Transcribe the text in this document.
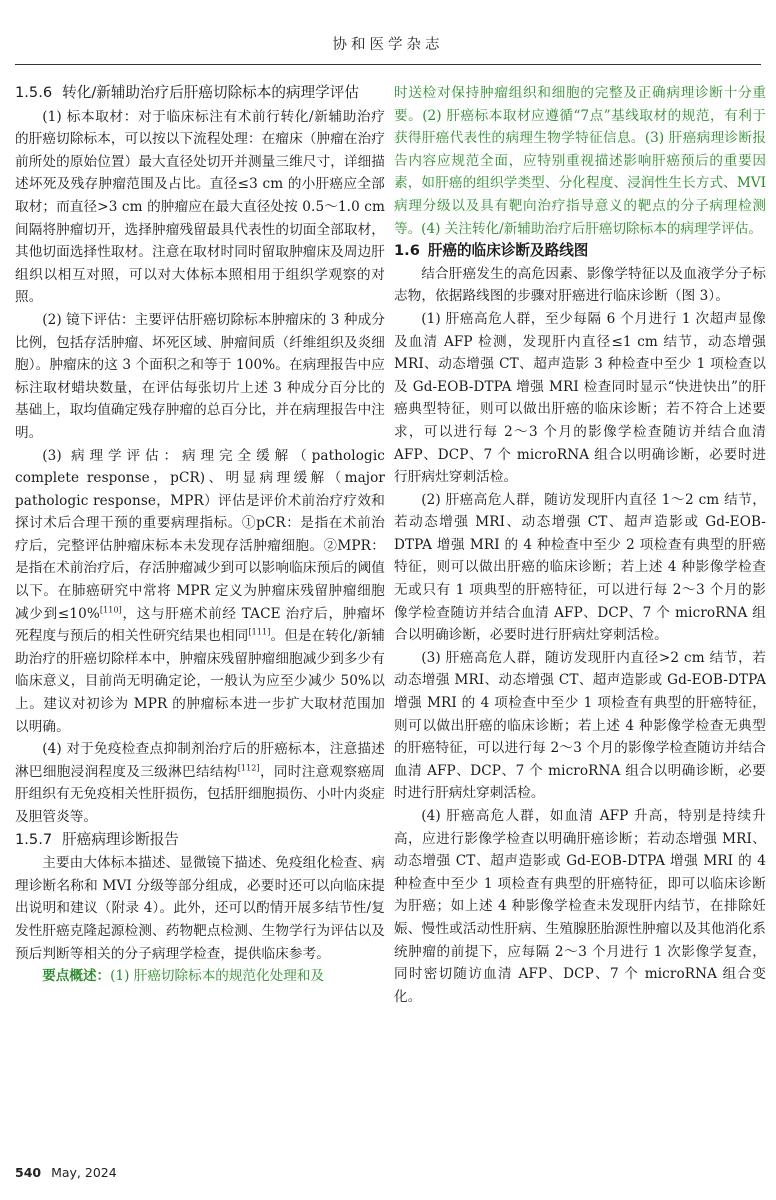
协和医学杂志
1.5.6 转化/新辅助治疗后肝癌切除标本的病理学评估

(1) 标本取材：对于临床标注有术前行转化/新辅助治疗的肝癌切除标本，可以按以下流程处理：在瘤床（肿瘤在治疗前所处的原始位置）最大直径处切开并测量三维尺寸，详细描述坏死及残存肿瘤范围及占比。直径≤3 cm 的小肝癌应全部取材；而直径>3 cm 的肿瘤应在最大直径处按 0.5～1.0 cm 间隔将肿瘤切开，选择肿瘤残留最具代表性的切面全部取材，其他切面选择性取材。注意在取材时同时留取肿瘤床及周边肝组织以相互对照，可以对大体标本照相用于组织学观察的对照。

(2) 镜下评估：主要评估肝癌切除标本肿瘤床的 3 种成分比例，包括存活肿瘤、坏死区域、肿瘤间质（纤维组织及炎细胞）。肿瘤床的这 3 个面积之和等于 100%。在病理报告中应标注取材蜡块数量，在评估每张切片上述 3 种成分百分比的基础上，取均值确定残存肿瘤的总百分比，并在病理报告中注明。

(3) 病理学评估：病理完全缓解（pathologic complete response，pCR)、明显病理缓解（major pathologic response，MPR）评估是评价术前治疗疗效和探讨术后合理干预的重要病理指标。①pCR：是指在术前治疗后，完整评估肿瘤床标本未发现存活肿瘤细胞。②MPR：是指在术前治疗后，存活肿瘤减少到可以影响临床预后的阈值以下。在肺癌研究中常将 MPR 定义为肿瘤床残留肿瘤细胞减少到≤10%[110]，这与肝癌术前经 TACE 治疗后，肿瘤坏死程度与预后的相关性研究结果也相同[111]。但是在转化/新辅助治疗的肝癌切除样本中，肿瘤床残留肿瘤细胞减少到多少有临床意义，目前尚无明确定论，一般认为应至少减少 50%以上。建议对初诊为 MPR 的肿瘤标本进一步扩大取材范围加以明确。

(4) 对于免疫检查点抑制剂治疗后的肝癌标本，注意描述淋巴细胞浸润程度及三级淋巴结结构[112]，同时注意观察癌周肝组织有无免疫相关性肝损伤，包括肝细胞损伤、小叶内炎症及胆管炎等。

1.5.7 肝癌病理诊断报告

主要由大体标本描述、显微镜下描述、免疫组化检查、病理诊断名称和 MVI 分级等部分组成，必要时还可以向临床提出说明和建议（附录 4）。此外，还可以酌情开展多结节性/复发性肝癌克隆起源检测、药物靶点检测、生物学行为评估以及预后判断等相关的分子病理学检查，提供临床参考。

要点概述：(1) 肝癌切除标本的规范化处理和及

时送检对保持肿瘤组织和细胞的完整及正确病理诊断十分重要。(2) 肝癌标本取材应遵循“7点”基线取材的规范，有利于获得肝癌代表性的病理生物学特征信息。(3) 肝癌病理诊断报告内容应规范全面，应特别重视描述影响肝癌预后的重要因素，如肝癌的组织学类型、分化程度、浸润性生长方式、MVI 病理分级以及具有靶向治疗指导意义的靶点的分子病理检测等。(4) 关注转化/新辅助治疗后肝癌切除标本的病理学评估。

1.6 肝癌的临床诊断及路线图

结合肝癌发生的高危因素、影像学特征以及血液学分子标志物，依据路线图的步骤对肝癌进行临床诊断（图 3）。

(1) 肝癌高危人群，至少每隔 6 个月进行 1 次超声显像及血清 AFP 检测，发现肝内直径≤1 cm 结节，动态增强 MRI、动态增强 CT、超声造影 3 种检查中至少 1 项检查以及 Gd-EOB-DTPA 增强 MRI 检查同时显示“快进快出”的肝癌典型特征，则可以做出肝癌的临床诊断；若不符合上述要求，可以进行每 2～3 个月的影像学检查随访并结合血清 AFP、DCP、7 个 microRNA 组合以明确诊断，必要时进行肝病灶穿刺活检。

(2) 肝癌高危人群，随访发现肝内直径 1～2 cm 结节，若动态增强 MRI、动态增强 CT、超声造影或 Gd-EOB-DTPA 增强 MRI 的 4 种检查中至少 2 项检查有典型的肝癌特征，则可以做出肝癌的临床诊断；若上述 4 种影像学检查无或只有 1 项典型的肝癌特征，可以进行每 2～3 个月的影像学检查随访并结合血清 AFP、DCP、7 个 microRNA 组合以明确诊断，必要时进行肝病灶穿刺活检。

(3) 肝癌高危人群，随访发现肝内直径>2 cm 结节，若动态增强 MRI、动态增强 CT、超声造影或 Gd-EOB-DTPA 增强 MRI 的 4 项检查中至少 1 项检查有典型的肝癌特征，则可以做出肝癌的临床诊断；若上述 4 种影像学检查无典型的肝癌特征，可以进行每 2～3 个月的影像学检查随访并结合血清 AFP、DCP、7 个 microRNA 组合以明确诊断，必要时进行肝病灶穿刺活检。

(4) 肝癌高危人群，如血清 AFP 升高，特别是持续升高，应进行影像学检查以明确肝癌诊断；若动态增强 MRI、动态增强 CT、超声造影或 Gd-EOB-DTPA 增强 MRI 的 4 种检查中至少 1 项检查有典型的肝癌特征，即可以临床诊断为肝癌；如上述 4 种影像学检查未发现肝内结节，在排除妊娠、慢性或活动性肝病、生殖腺胚胎源性肿瘤以及其他消化系统肿瘤的前提下，应每隔 2～3 个月进行 1 次影像学复查，同时密切随访血清 AFP、DCP、7 个 microRNA 组合变化。

540 May, 2024
